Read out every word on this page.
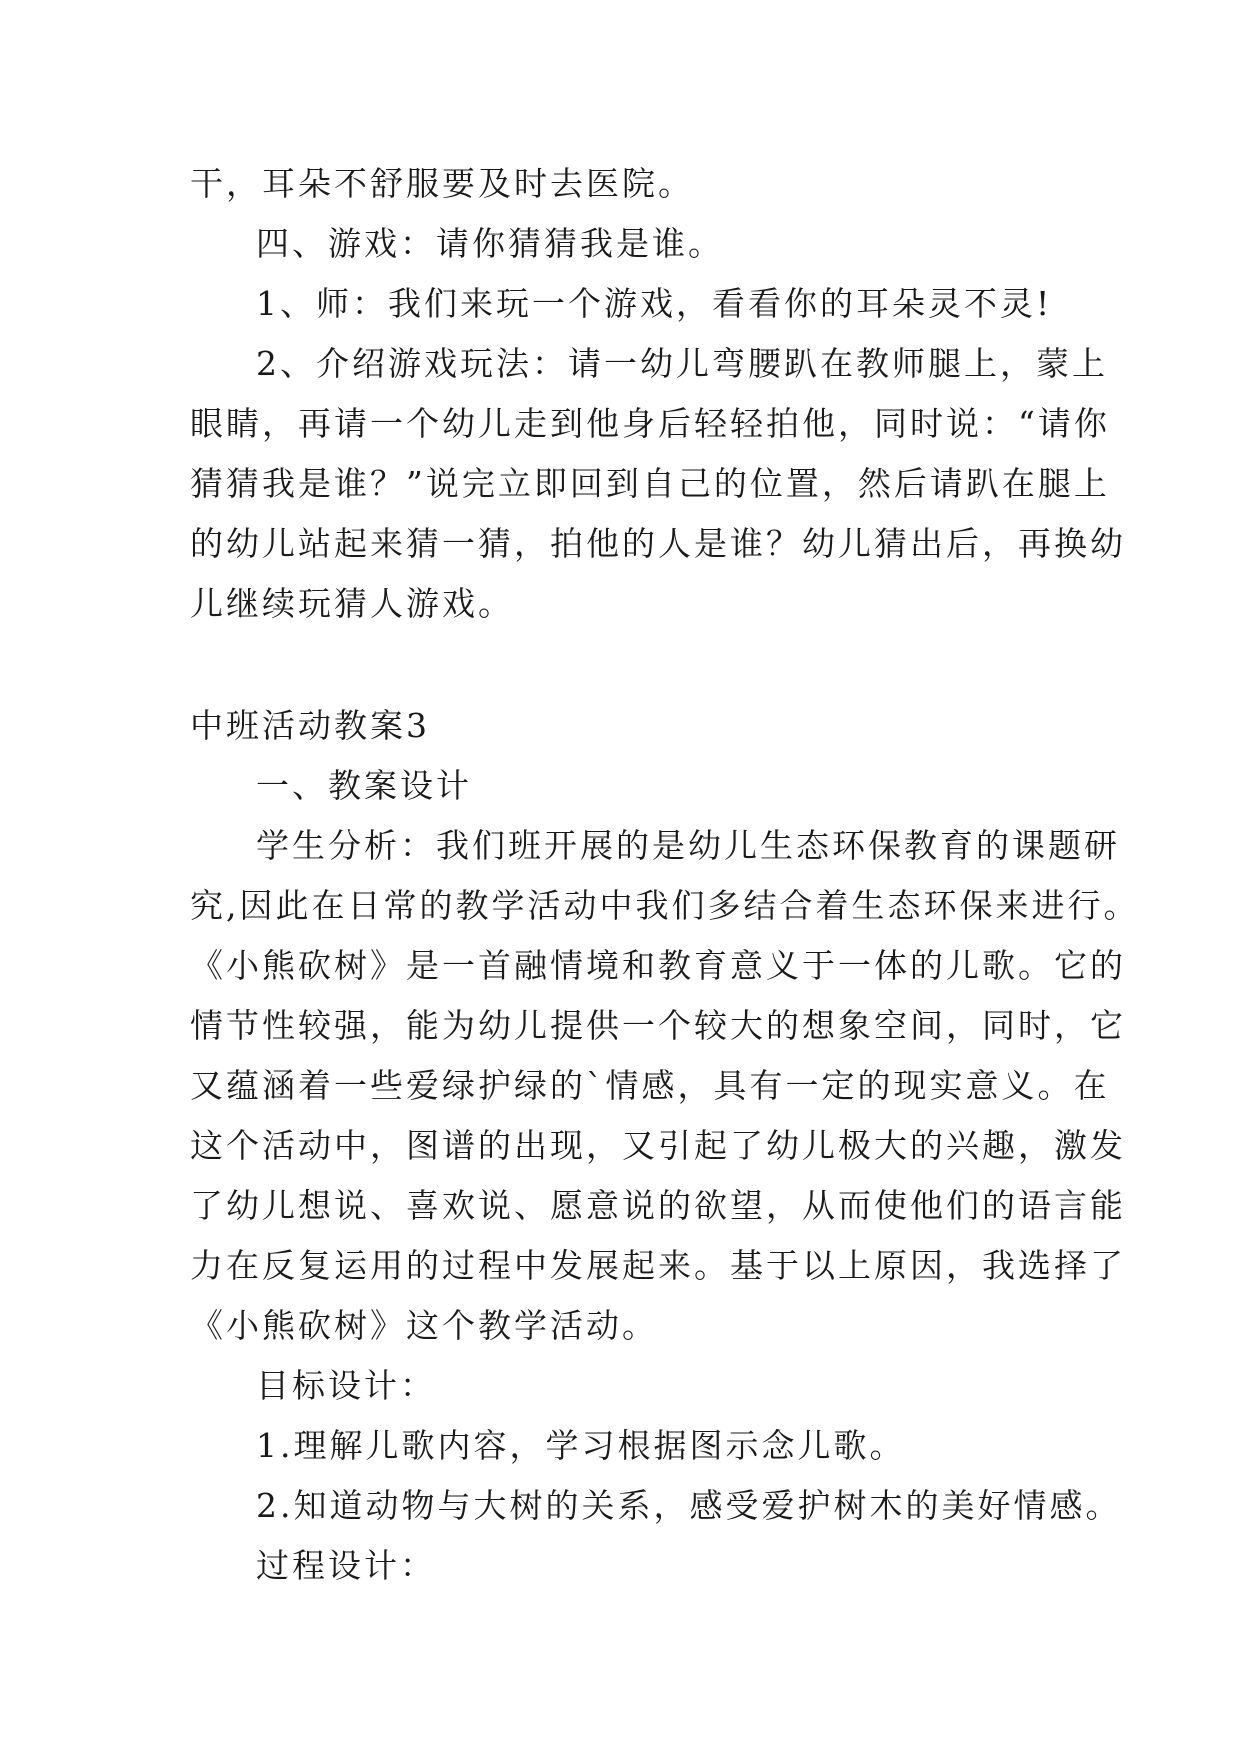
干，耳朵不舒服要及时去医院。
四、游戏：请你猜猜我是谁。
1、师：我们来玩一个游戏，看看你的耳朵灵不灵!
2、介绍游戏玩法：请一幼儿弯腰趴在教师腿上，蒙上
眼睛，再请一个幼儿走到他身后轻轻拍他，同时说：“请你
猜猜我是谁？”说完立即回到自己的位置，然后请趴在腿上
的幼儿站起来猜一猜，拍他的人是谁？幼儿猜出后，再换幼
儿继续玩猜人游戏。
中班活动教案3
一、教案设计
学生分析：我们班开展的是幼儿生态环保教育的课题研
究,因此在日常的教学活动中我们多结合着生态环保来进行。
《小熊砍树》是一首融情境和教育意义于一体的儿歌。它的
情节性较强，能为幼儿提供一个较大的想象空间，同时，它
又蕴涵着一些爱绿护绿的`情感，具有一定的现实意义。在
这个活动中，图谱的出现，又引起了幼儿极大的兴趣，激发
了幼儿想说、喜欢说、愿意说的欲望，从而使他们的语言能
力在反复运用的过程中发展起来。基于以上原因，我选择了
《小熊砍树》这个教学活动。
目标设计：
1.理解儿歌内容，学习根据图示念儿歌。
2.知道动物与大树的关系，感受爱护树木的美好情感。
过程设计：
